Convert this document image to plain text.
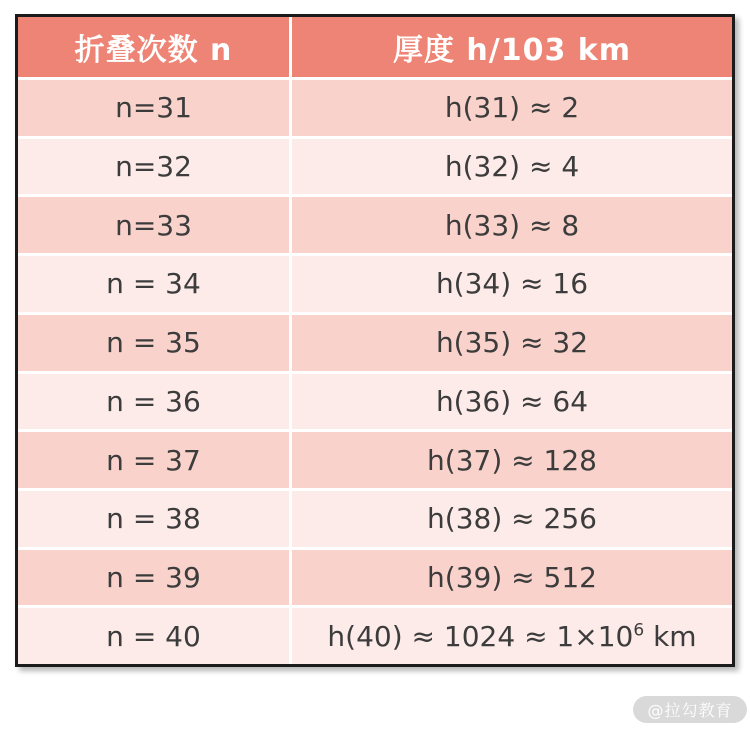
折叠次数 n	厚度 h/103 km
n=31	h(31) ≈ 2
n=32	h(32) ≈ 4
n=33	h(33) ≈ 8
n = 34	h(34) ≈ 16
n = 35	h(35) ≈ 32
n = 36	h(36) ≈ 64
n = 37	h(37) ≈ 128
n = 38	h(38) ≈ 256
n = 39	h(39) ≈ 512
n = 40	$h(40) \approx 1024 \approx 1\times 10^6$ km
@拉勾教育
